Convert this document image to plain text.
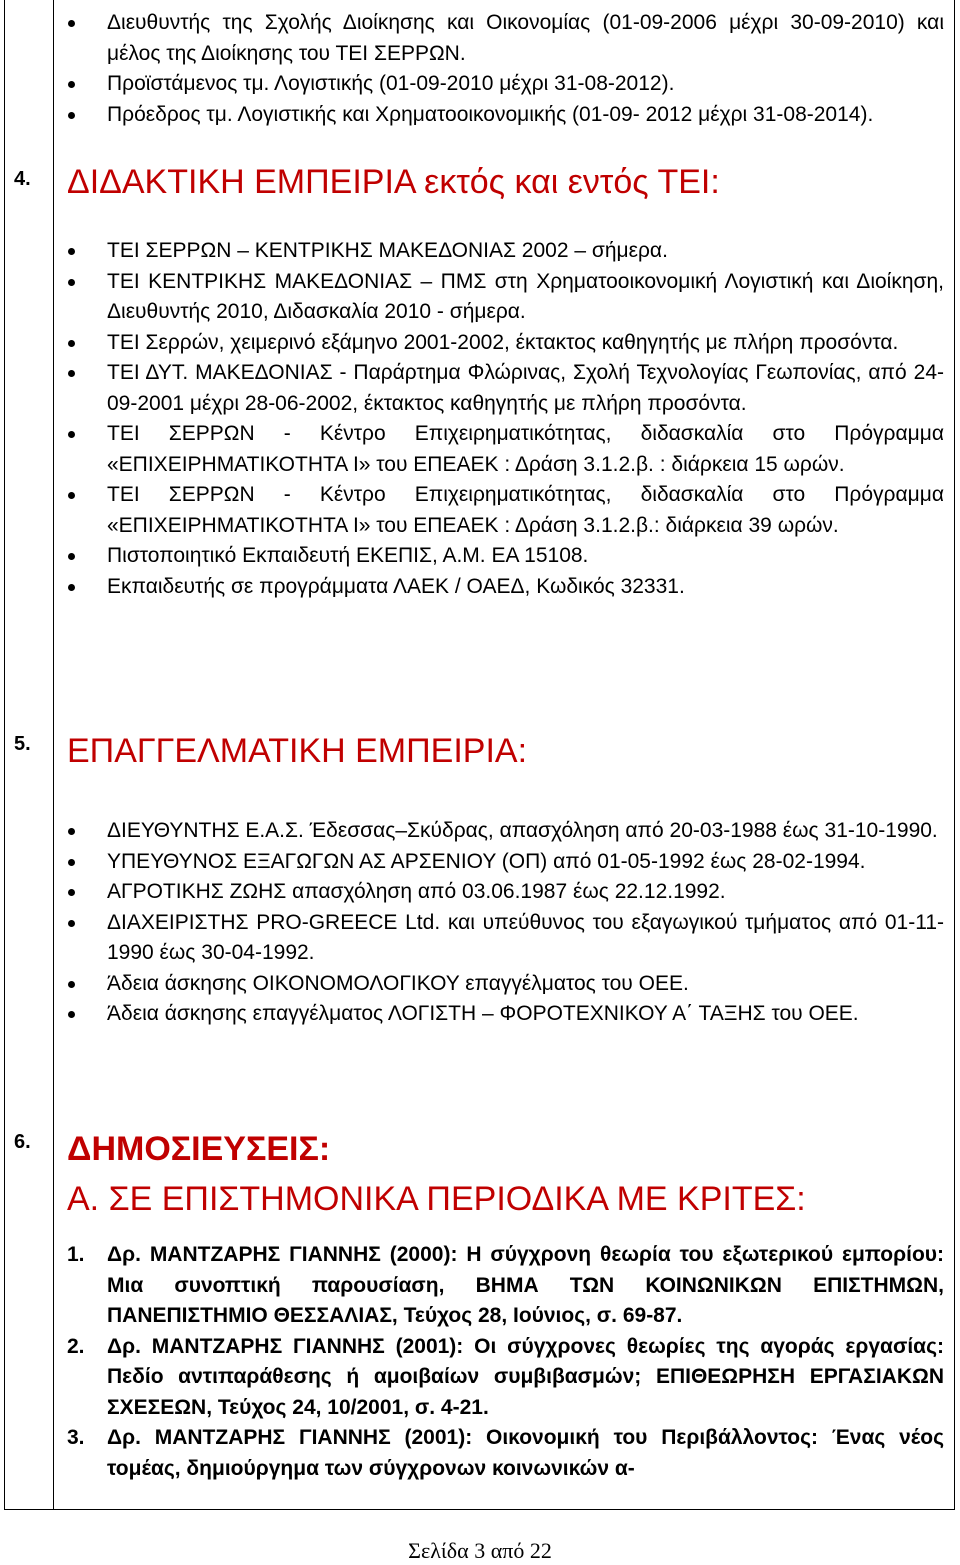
Διευθυντής της Σχολής Διοίκησης και Οικονομίας (01-09-2006 μέχρι 30-09-2010) και μέλος της Διοίκησης του ΤΕΙ ΣΕΡΡΩΝ.
Προϊστάμενος τμ. Λογιστικής (01-09-2010 μέχρι 31-08-2012).
Πρόεδρος τμ. Λογιστικής και Χρηματοοικονομικής (01-09- 2012 μέχρι 31-08-2014).
4. ΔΙΔΑΚΤΙΚΗ ΕΜΠΕΙΡΙΑ εκτός και εντός ΤΕΙ:
ΤΕΙ ΣΕΡΡΩΝ – ΚΕΝΤΡΙΚΗΣ ΜΑΚΕΔΟΝΙΑΣ 2002 – σήμερα.
ΤΕΙ ΚΕΝΤΡΙΚΗΣ ΜΑΚΕΔΟΝΙΑΣ – ΠΜΣ στη Χρηματοοικονομική Λογιστική και Διοίκηση, Διευθυντής 2010, Διδασκαλία 2010 - σήμερα.
ΤΕΙ Σερρών, χειμερινό εξάμηνο 2001-2002, έκτακτος καθηγητής με πλήρη προσόντα.
ΤΕΙ ΔΥΤ. ΜΑΚΕΔΟΝΙΑΣ - Παράρτημα Φλώρινας, Σχολή Τεχνολογίας Γεωπονίας, από 24-09-2001 μέχρι 28-06-2002, έκτακτος καθηγητής με πλήρη προσόντα.
ΤΕΙ ΣΕΡΡΩΝ - Κέντρο Επιχειρηματικότητας, διδασκαλία στο Πρόγραμμα «ΕΠΙΧΕΙΡΗΜΑΤΙΚΟΤΗΤΑ Ι» του ΕΠΕΑΕΚ : Δράση 3.1.2.β. : διάρκεια 15 ωρών.
ΤΕΙ ΣΕΡΡΩΝ - Κέντρο Επιχειρηματικότητας, διδασκαλία στο Πρόγραμμα «ΕΠΙΧΕΙΡΗΜΑΤΙΚΟΤΗΤΑ Ι» του ΕΠΕΑΕΚ : Δράση 3.1.2.β.: διάρκεια 39 ωρών.
Πιστοποιητικό Εκπαιδευτή ΕΚΕΠΙΣ, Α.Μ. ΕΑ 15108.
Εκπαιδευτής σε προγράμματα ΛΑΕΚ / ΟΑΕΔ, Κωδικός 32331.
5. ΕΠΑΓΓΕΛΜΑΤΙΚΗ ΕΜΠΕΙΡΙΑ:
ΔΙΕΥΘΥΝΤΗΣ Ε.Α.Σ. Έδεσσας–Σκύδρας, απασχόληση από 20-03-1988 έως 31-10-1990.
ΥΠΕΥΘΥΝΟΣ ΕΞΑΓΩΓΩΝ ΑΣ ΑΡΣΕΝΙΟΥ (ΟΠ) από 01-05-1992 έως 28-02-1994.
ΑΓΡΟΤΙΚΗΣ ΖΩΗΣ απασχόληση από 03.06.1987 έως 22.12.1992.
ΔΙΑΧΕΙΡΙΣΤΗΣ PRO-GREECE Ltd. και υπεύθυνος του εξαγωγικού τμήματος από 01-11-1990 έως 30-04-1992.
Άδεια άσκησης ΟΙΚΟΝΟΜΟΛΟΓΙΚΟΥ επαγγέλματος του ΟΕΕ.
Άδεια άσκησης επαγγέλματος ΛΟΓΙΣΤΗ – ΦΟΡΟΤΕΧΝΙΚΟΥ Α΄ ΤΑΞΗΣ του ΟΕΕ.
6. ΔΗΜΟΣΙΕΥΣΕΙΣ:
Α. ΣΕ ΕΠΙΣΤΗΜΟΝΙΚΑ ΠΕΡΙΟΔΙΚΑ ΜΕ ΚΡΙΤΕΣ:
1. Δρ. ΜΑΝΤΖΑΡΗΣ ΓΙΑΝΝΗΣ (2000): Η σύγχρονη θεωρία του εξωτερικού εμπορίου: Μια συνοπτική παρουσίαση, ΒΗΜΑ ΤΩΝ ΚΟΙΝΩΝΙΚΩΝ ΕΠΙΣΤΗΜΩΝ, ΠΑΝΕΠΙΣΤΗΜΙΟ ΘΕΣΣΑΛΙΑΣ, Τεύχος 28, Ιούνιος, σ. 69-87.
2. Δρ. ΜΑΝΤΖΑΡΗΣ ΓΙΑΝΝΗΣ (2001): Οι σύγχρονες θεωρίες της αγοράς εργασίας: Πεδίο αντιπαράθεσης ή αμοιβαίων συμβιβασμών; ΕΠΙΘΕΩΡΗΣΗ ΕΡΓΑΣΙΑΚΩΝ ΣΧΕΣΕΩΝ, Τεύχος 24, 10/2001, σ. 4-21.
3. Δρ. ΜΑΝΤΖΑΡΗΣ ΓΙΑΝΝΗΣ (2001): Οικονομική του Περιβάλλοντος: Ένας νέος τομέας, δημιούργημα των σύγχρονων κοινωνικών α-
Σελίδα 3 από 22
